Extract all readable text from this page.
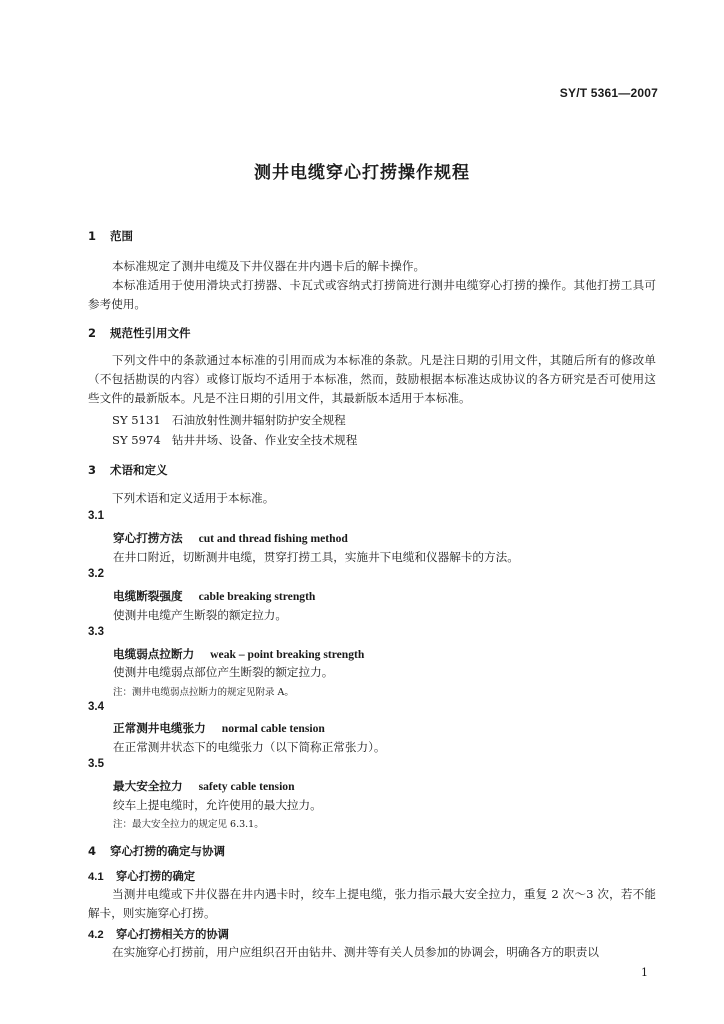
SY/T 5361—2007
测井电缆穿心打捞操作规程
1 范围

本标准规定了测井电缆及下井仪器在井内遇卡后的解卡操作。

本标准适用于使用滑块式打捞器、卡瓦式或容纳式打捞筒进行测井电缆穿心打捞的操作。其他打捞工具可参考使用。

2 规范性引用文件

下列文件中的条款通过本标准的引用而成为本标准的条款。凡是注日期的引用文件，其随后所有的修改单（不包括勘误的内容）或修订版均不适用于本标准，然而，鼓励根据本标准达成协议的各方研究是否可使用这些文件的最新版本。凡是不注日期的引用文件，其最新版本适用于本标准。

SY 5131 石油放射性测井辐射防护安全规程
SY 5974 钻井井场、设备、作业安全技术规程
3 术语和定义

下列术语和定义适用于本标准。

3.1
穿心打捞方法 cut and thread fishing method
在井口附近，切断测井电缆，贯穿打捞工具，实施井下电缆和仪器解卡的方法。
3.2
电缆断裂强度 cable breaking strength
使测井电缆产生断裂的额定拉力。
3.3
电缆弱点拉断力 weak – point breaking strength
使测井电缆弱点部位产生断裂的额定拉力。
注：测井电缆弱点拉断力的规定见附录 A。
3.4
正常测井电缆张力 normal cable tension
在正常测井状态下的电缆张力（以下简称正常张力）。
3.5
最大安全拉力 safety cable tension
绞车上提电缆时，允许使用的最大拉力。
注：最大安全拉力的规定见 6.3.1。
4 穿心打捞的确定与协调
4.1 穿心打捞的确定

当测井电缆或下井仪器在井内遇卡时，绞车上提电缆，张力指示最大安全拉力，重复 2 次～3 次，若不能解卡，则实施穿心打捞。

4.2 穿心打捞相关方的协调

在实施穿心打捞前，用户应组织召开由钻井、测井等有关人员参加的协调会，明确各方的职责以

1
